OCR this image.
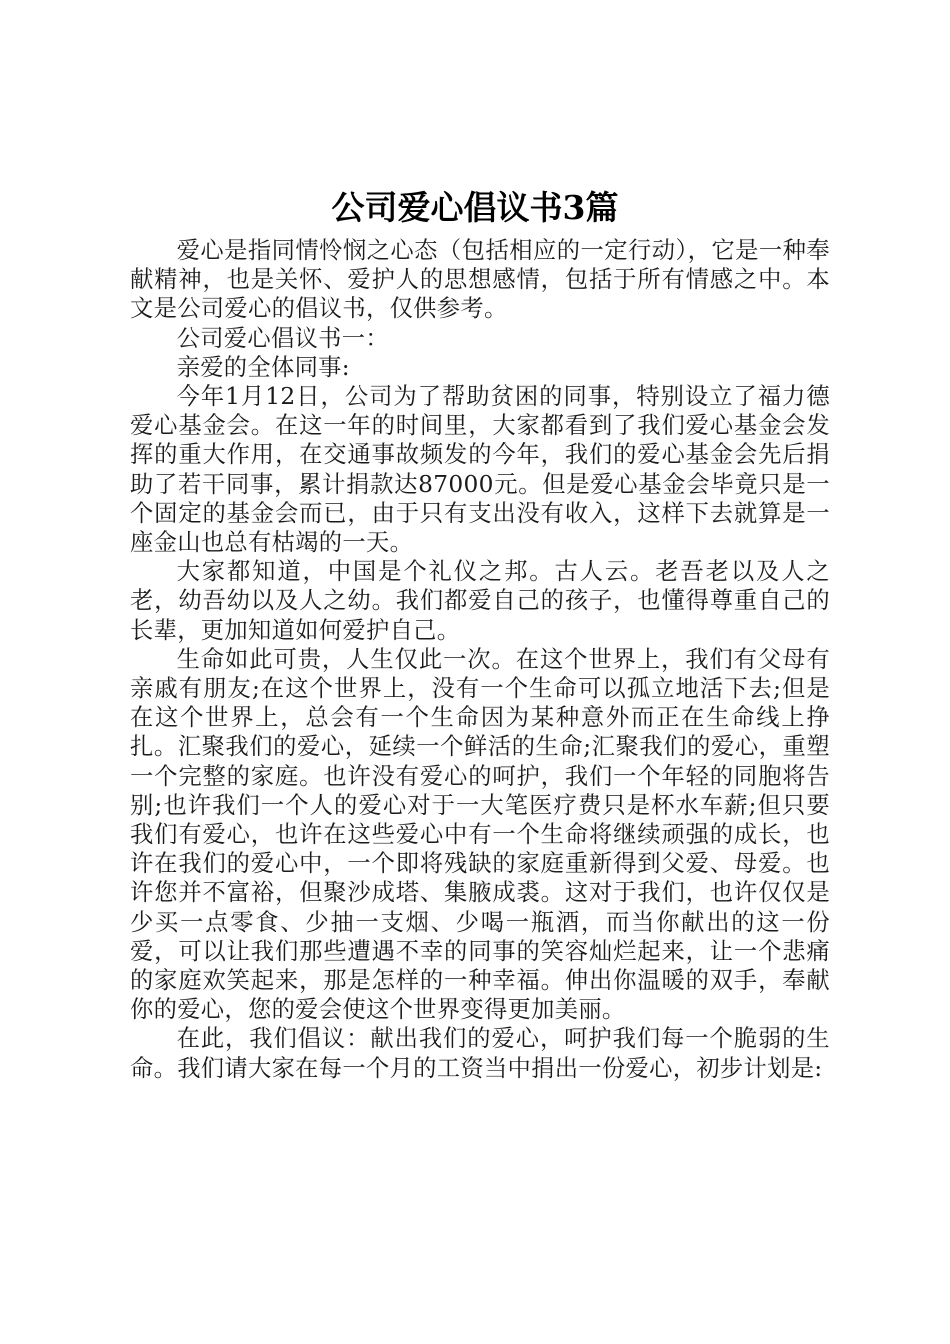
公司爱心倡议书3篇

爱心是指同情怜悯之心态（包括相应的一定行动），它是一种奉献精神，也是关怀、爱护人的思想感情，包括于所有情感之中。本文是公司爱心的倡议书，仅供参考。

公司爱心倡议书一：

亲爱的全体同事:

今年1月12日，公司为了帮助贫困的同事，特别设立了福力德爱心基金会。在这一年的时间里，大家都看到了我们爱心基金会发挥的重大作用，在交通事故频发的今年，我们的爱心基金会先后捐助了若干同事，累计捐款达87000元。但是爱心基金会毕竟只是一个固定的基金会而已，由于只有支出没有收入，这样下去就算是一座金山也总有枯竭的一天。

大家都知道，中国是个礼仪之邦。古人云。老吾老以及人之老，幼吾幼以及人之幼。我们都爱自己的孩子，也懂得尊重自己的长辈，更加知道如何爱护自己。

生命如此可贵，人生仅此一次。在这个世界上，我们有父母有亲戚有朋友;在这个世界上，没有一个生命可以孤立地活下去;但是在这个世界上，总会有一个生命因为某种意外而正在生命线上挣扎。汇聚我们的爱心，延续一个鲜活的生命;汇聚我们的爱心，重塑一个完整的家庭。也许没有爱心的呵护，我们一个年轻的同胞将告别;也许我们一个人的爱心对于一大笔医疗费只是杯水车薪;但只要我们有爱心，也许在这些爱心中有一个生命将继续顽强的成长，也许在我们的爱心中，一个即将残缺的家庭重新得到父爱、母爱。也许您并不富裕，但聚沙成塔、集腋成裘。这对于我们，也许仅仅是少买一点零食、少抽一支烟、少喝一瓶酒，而当你献出的这一份爱，可以让我们那些遭遇不幸的同事的笑容灿烂起来，让一个悲痛的家庭欢笑起来，那是怎样的一种幸福。伸出你温暖的双手，奉献你的爱心，您的爱会使这个世界变得更加美丽。

在此，我们倡议：献出我们的爱心，呵护我们每一个脆弱的生命。我们请大家在每一个月的工资当中捐出一份爱心，初步计划是:
